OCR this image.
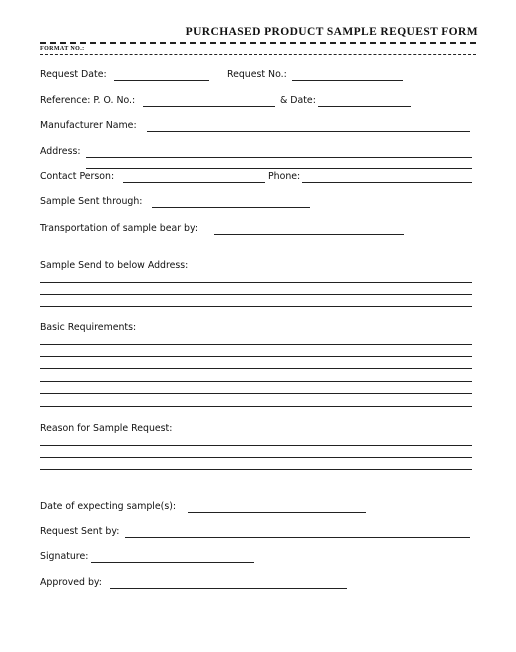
PURCHASED PRODUCT SAMPLE REQUEST FORM
FORMAT NO.:
Request Date:	Request No.:
Reference: P. O. No.:	& Date:
Manufacturer Name:
Address:
Contact Person:	Phone:
Sample Sent through:
Transportation of sample bear by:
Sample Send to below Address:
Basic Requirements:
Reason for Sample Request:
Date of expecting sample(s):
Request Sent by:
Signature:
Approved by:
